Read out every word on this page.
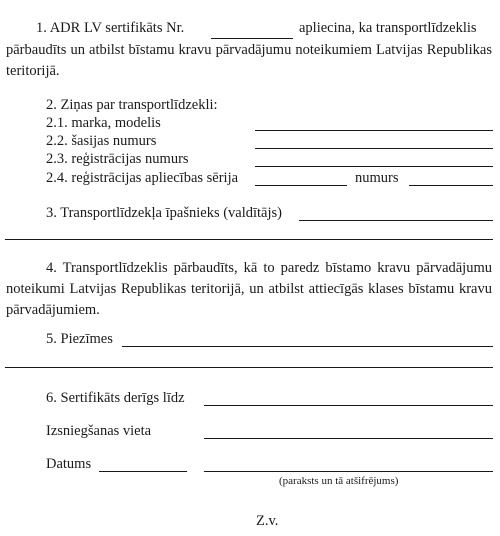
1. ADR LV sertifikāts Nr.	apliecina, ka transportlīdzeklis
pārbaudīts un atbilst bīstamu kravu pārvadājumu noteikumiem Latvijas Republikas teritorijā.
2. Ziņas par transportlīdzekli:
2.1. marka, modelis
2.2. šasijas numurs
2.3. reģistrācijas numurs
2.4. reģistrācijas apliecības sērija	numurs
3. Transportlīdzekļa īpašnieks (valdītājs)
4. Transportlīdzeklis pārbaudīts, kā to paredz bīstamo kravu pārvadājumu noteikumi Latvijas Republikas teritorijā, un atbilst attiecīgās klases bīstamu kravu pārvadājumiem.
5. Piezīmes
6. Sertifikāts derīgs līdz
Izsniegšanas vieta
Datums
(paraksts un tā atšifrējums)
Z.v.
